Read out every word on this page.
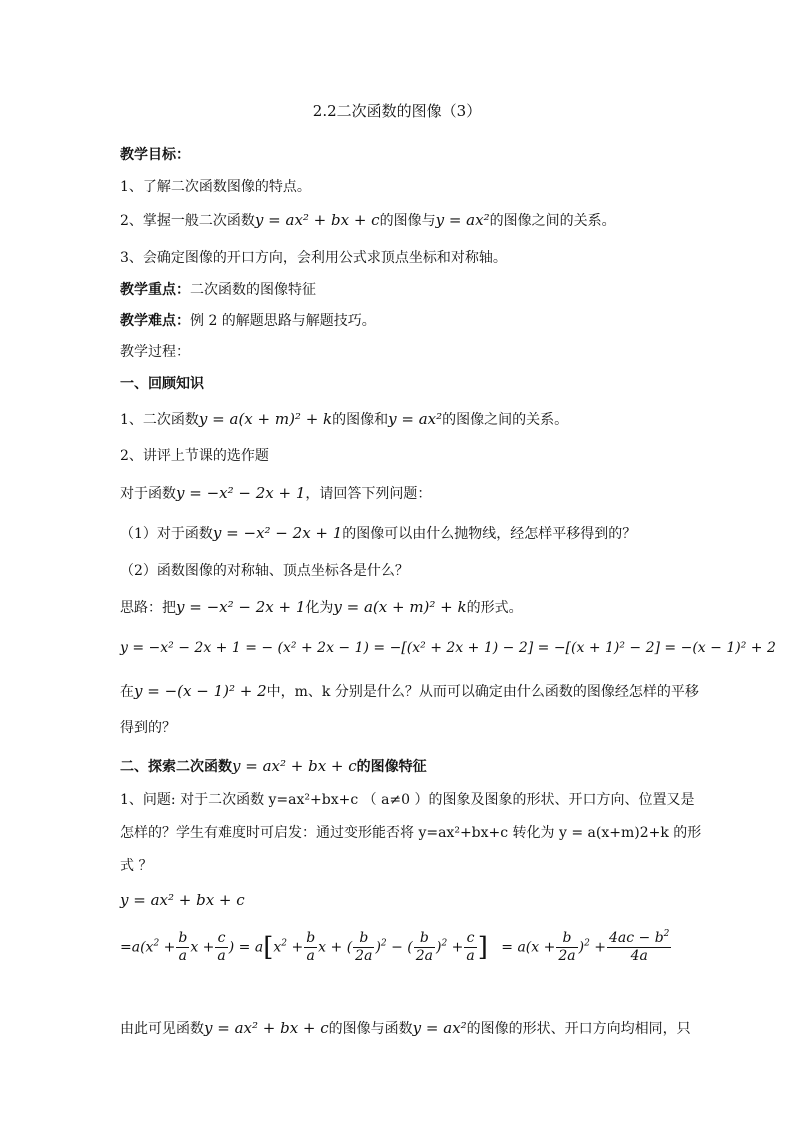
2.2二次函数的图像（3）
教学目标：
1、了解二次函数图像的特点。
2、掌握一般二次函数y = ax² + bx + c的图像与y = ax²的图像之间的关系。
3、会确定图像的开口方向，会利用公式求顶点坐标和对称轴。
教学重点：二次函数的图像特征
教学难点：例 2 的解题思路与解题技巧。
教学过程：
一、回顾知识
1、二次函数y = a(x + m)² + k的图像和y = ax²的图像之间的关系。
2、讲评上节课的选作题
对于函数y = −x² − 2x + 1，请回答下列问题：
（1）对于函数y = −x² − 2x + 1的图像可以由什么抛物线，经怎样平移得到的？
（2）函数图像的对称轴、顶点坐标各是什么？
思路：把y = −x² − 2x + 1化为y = a(x + m)² + k的形式。
y = −x² − 2x + 1 = − (x² + 2x − 1) = −[(x² + 2x + 1) − 2] = −[(x + 1)² − 2] = −(x − 1)² + 2
在y = −(x − 1)² + 2中，m、k 分别是什么？从而可以确定由什么函数的图像经怎样的平移
得到的？
二、探索二次函数y = ax² + bx + c的图像特征
1、问题: 对于二次函数 y=ax²+bx+c （ a≠0 ）的图象及图象的形状、开口方向、位置又是
怎样的？学生有难度时可启发：通过变形能否将 y=ax²+bx+c 转化为 y = a(x+m)2+k 的形
式 ？
y = ax² + bx + c
$=a(x^2 + \frac{b}{a}$ $x + \frac{c}{a}$ ) = $a[x^2 + \frac{b}{a}$ x + ( $\frac{b}{2a} )^2$ − ( $\frac{b}{2a} )^2 + \frac{c}{a}$ ]   = $a(x + \frac{b}{2a} )^2 + \frac{4ac - b^2}{4a}$
由此可见函数y = ax² + bx + c的图像与函数y = ax²的图像的形状、开口方向均相同，只
